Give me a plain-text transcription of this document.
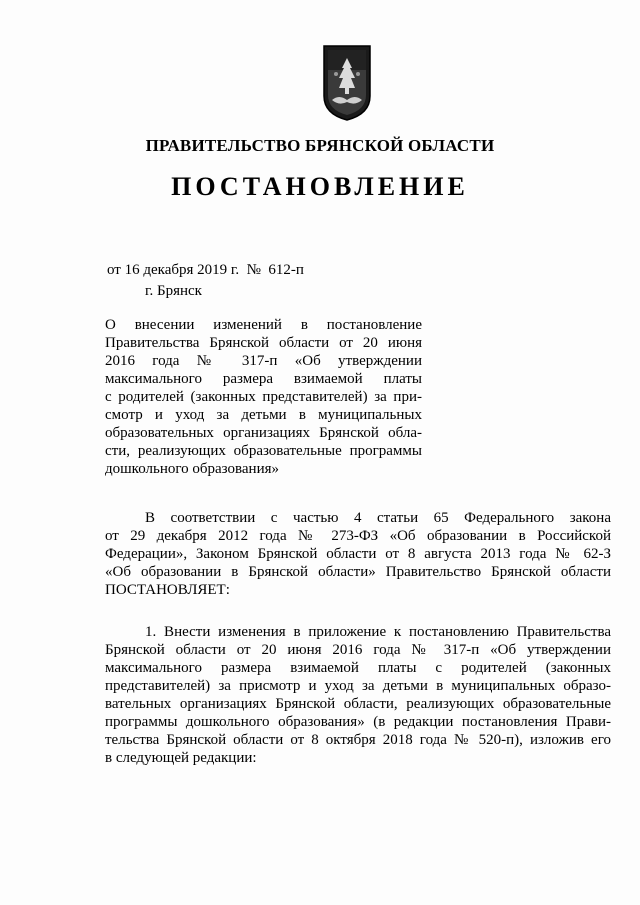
ПРАВИТЕЛЬСТВО БРЯНСКОЙ ОБЛАСТИ
ПОСТАНОВЛЕНИЕ
от 16 декабря 2019 г.  №  612-п
г. Брянск
О внесении изменений в постановление
Правительства Брянской области от 20 июня
2016 года № 317-п «Об утверждении
максимального размера взимаемой платы
с родителей (законных представителей) за при-
смотр и уход за детьми в муниципальных
образовательных организациях Брянской обла-
сти, реализующих образовательные программы
дошкольного образования»
В соответствии с частью 4 статьи 65 Федерального закона
от 29 декабря 2012 года № 273-ФЗ «Об образовании в Российской
Федерации», Законом Брянской области от 8 августа 2013 года № 62-З
«Об образовании в Брянской области» Правительство Брянской области
ПОСТАНОВЛЯЕТ:
1. Внести изменения в приложение к постановлению Правительства
Брянской области от 20 июня 2016 года № 317-п «Об утверждении
максимального размера взимаемой платы с родителей (законных
представителей) за присмотр и уход за детьми в муниципальных образо-
вательных организациях Брянской области, реализующих образовательные
программы дошкольного образования» (в редакции постановления Прави-
тельства Брянской области от 8 октября 2018 года № 520-п), изложив его
в следующей редакции:
